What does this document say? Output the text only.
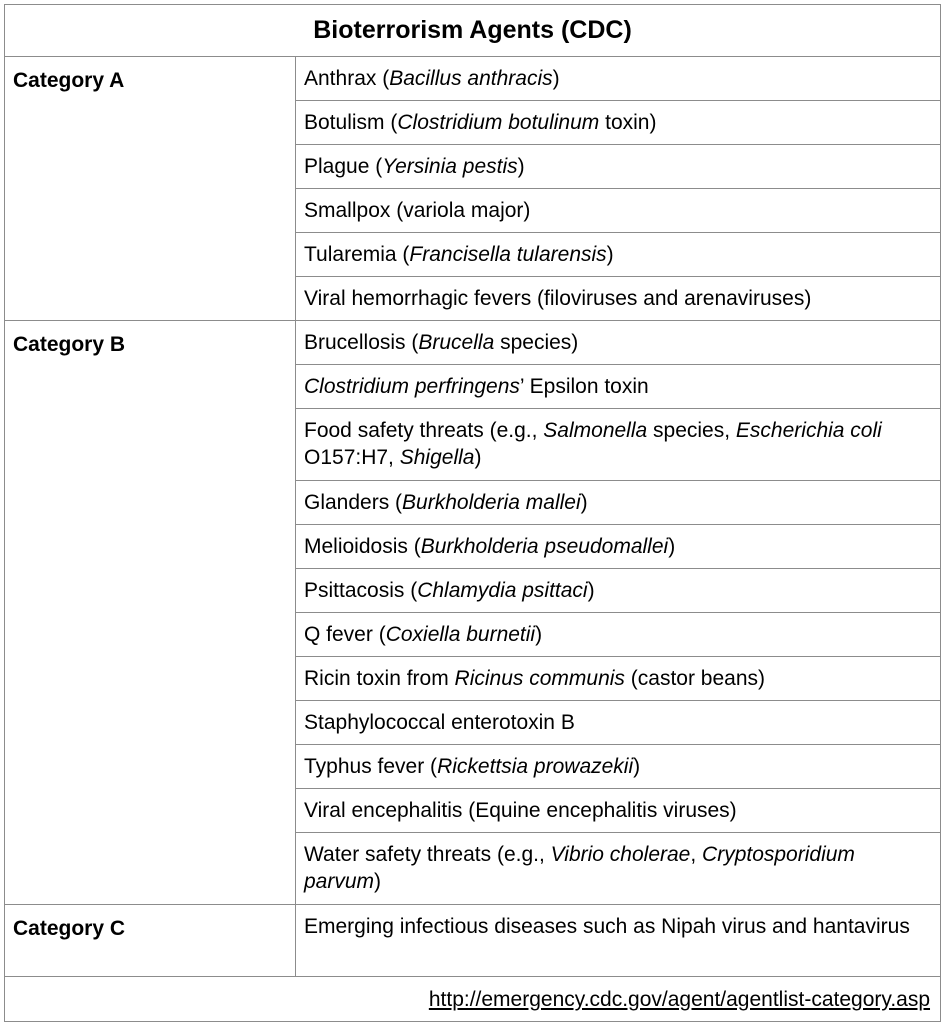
Bioterrorism Agents (CDC)	
Category A	Anthrax (Bacillus anthracis)
	Botulism (Clostridium botulinum toxin)
	Plague (Yersinia pestis)
	Smallpox (variola major)
	Tularemia (Francisella tularensis)
	Viral hemorrhagic fevers (filoviruses and arenaviruses)
Category B	Brucellosis (Brucella species)
	Clostridium perfringens’ Epsilon toxin
	Food safety threats (e.g., Salmonella species, Escherichia coli O157:H7, Shigella)
	Glanders (Burkholderia mallei)
	Melioidosis (Burkholderia pseudomallei)
	Psittacosis (Chlamydia psittaci)
	Q fever (Coxiella burnetii)
	Ricin toxin from Ricinus communis (castor beans)
	Staphylococcal enterotoxin B
	Typhus fever (Rickettsia prowazekii)
	Viral encephalitis (Equine encephalitis viruses)
	Water safety threats (e.g., Vibrio cholerae, Cryptosporidium parvum)
Category C	Emerging infectious diseases such as Nipah virus and hantavirus
http://emergency.cdc.gov/agent/agentlist-category.asp	
